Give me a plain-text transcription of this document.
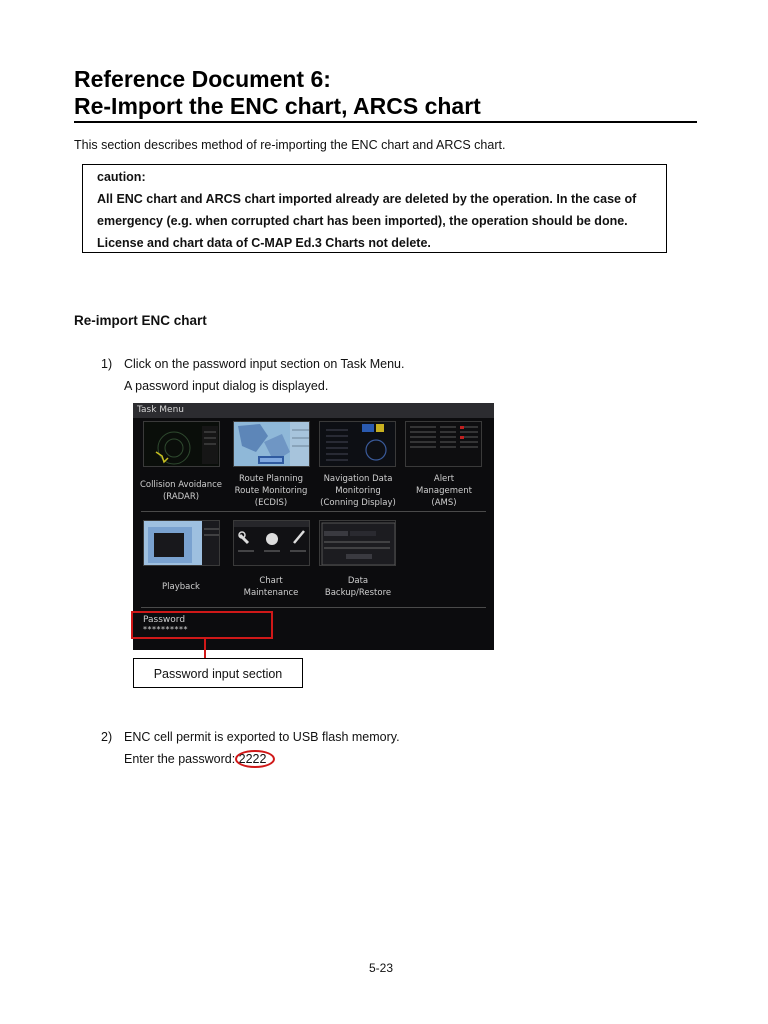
Reference Document 6:
Re-Import the ENC chart, ARCS chart
This section describes method of re-importing the ENC chart and ARCS chart.
caution:
All ENC chart and ARCS chart imported already are deleted by the operation. In the case of
emergency (e.g. when corrupted chart has been imported), the operation should be done.
License and chart data of C-MAP Ed.3 Charts not delete.
Re-import ENC chart
1) Click on the password input section on Task Menu.
A password input dialog is displayed.
Task Menu
Collision Avoidance
(RADAR)
Route Planning
Route Monitoring
(ECDIS)
Navigation Data
Monitoring
(Conning Display)
Alert
Management
(AMS)
Playback
Chart
Maintenance
Data
Backup/Restore
Password
**********
Password input section
2) ENC cell permit is exported to USB flash memory.
Enter the password: 2222
5-23
